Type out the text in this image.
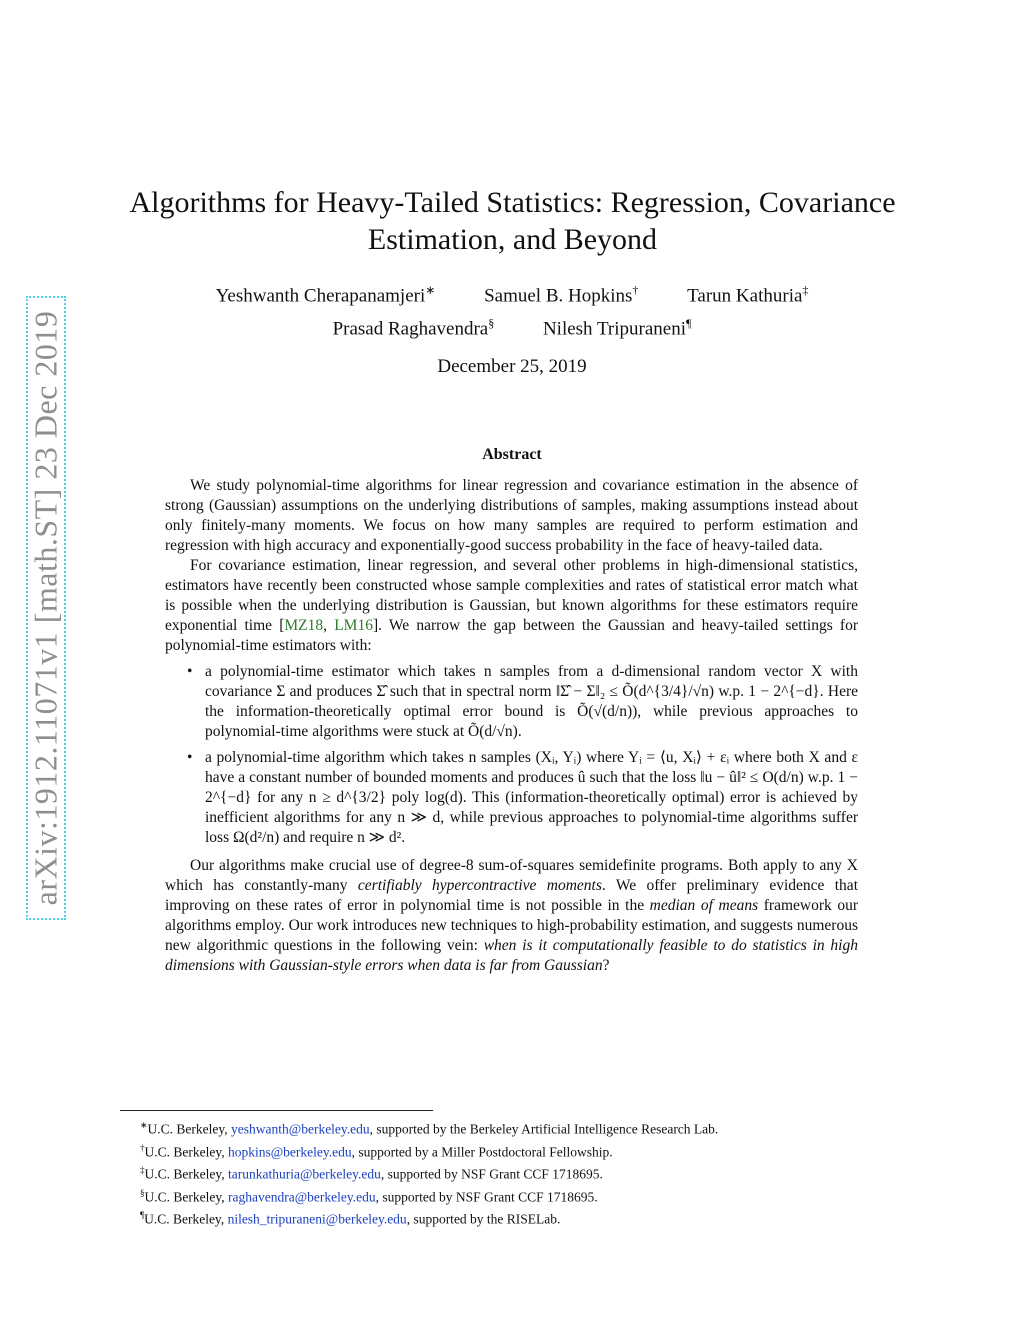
arXiv:1912.11071v1 [math.ST] 23 Dec 2019
Algorithms for Heavy-Tailed Statistics: Regression, Covariance
Estimation, and Beyond
Yeshwanth Cherapanamjeri∗	Samuel B. Hopkins†	Tarun Kathuria‡
Prasad Raghavendra§	Nilesh Tripuraneni¶
December 25, 2019
Abstract

We study polynomial-time algorithms for linear regression and covariance estimation in the absence of strong (Gaussian) assumptions on the underlying distributions of samples, making assumptions instead about only finitely-many moments. We focus on how many samples are required to perform estimation and regression with high accuracy and exponentially-good success probability in the face of heavy-tailed data.

For covariance estimation, linear regression, and several other problems in high-dimensional statistics, estimators have recently been constructed whose sample complexities and rates of statistical error match what is possible when the underlying distribution is Gaussian, but known algorithms for these estimators require exponential time [MZ18, LM16]. We narrow the gap between the Gaussian and heavy-tailed settings for polynomial-time estimators with:

• a polynomial-time estimator which takes n samples from a d-dimensional random vector X with covariance Σ and produces Σ̂ such that in spectral norm ‖Σ̂ − Σ‖₂ ≤ Õ(d^{3/4}/√n) w.p. 1 − 2^{−d}. Here the information-theoretically optimal error bound is Õ(√(d/n)), while previous approaches to polynomial-time algorithms were stuck at Õ(d/√n).
• a polynomial-time algorithm which takes n samples (Xᵢ, Yᵢ) where Yᵢ = ⟨u, Xᵢ⟩ + εᵢ where both X and ε have a constant number of bounded moments and produces û such that the loss ‖u − û‖² ≤ O(d/n) w.p. 1 − 2^{−d} for any n ≥ d^{3/2} poly log(d). This (information-theoretically optimal) error is achieved by inefficient algorithms for any n ≫ d, while previous approaches to polynomial-time algorithms suffer loss Ω(d²/n) and require n ≫ d².

Our algorithms make crucial use of degree-8 sum-of-squares semidefinite programs. Both apply to any X which has constantly-many certifiably hypercontractive moments. We offer preliminary evidence that improving on these rates of error in polynomial time is not possible in the median of means framework our algorithms employ. Our work introduces new techniques to high-probability estimation, and suggests numerous new algorithmic questions in the following vein: when is it computationally feasible to do statistics in high dimensions with Gaussian-style errors when data is far from Gaussian?

∗U.C. Berkeley, yeshwanth@berkeley.edu, supported by the Berkeley Artificial Intelligence Research Lab.
†U.C. Berkeley, hopkins@berkeley.edu, supported by a Miller Postdoctoral Fellowship.
‡U.C. Berkeley, tarunkathuria@berkeley.edu, supported by NSF Grant CCF 1718695.
§U.C. Berkeley, raghavendra@berkeley.edu, supported by NSF Grant CCF 1718695.
¶U.C. Berkeley, nilesh_tripuraneni@berkeley.edu, supported by the RISELab.
